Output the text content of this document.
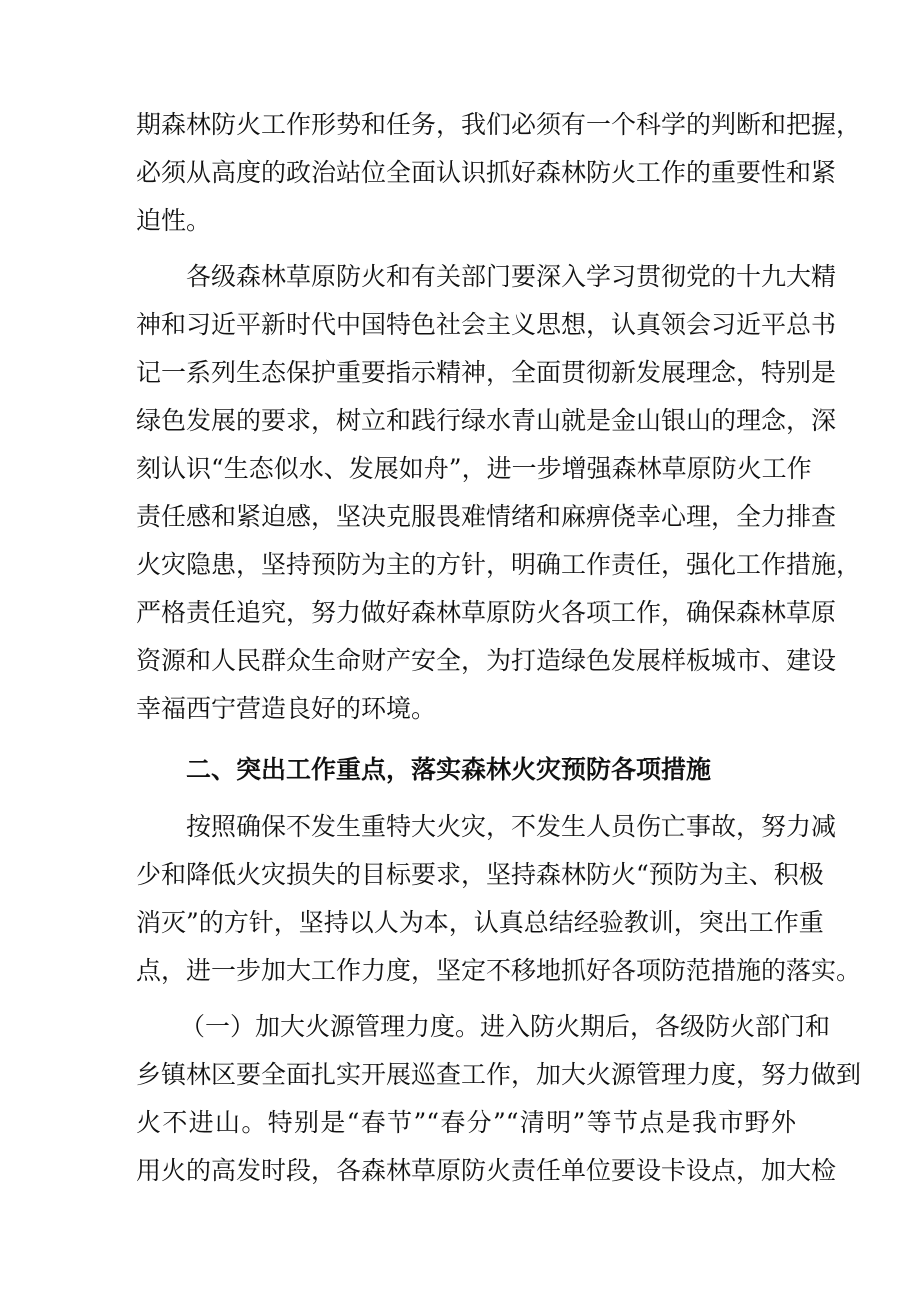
期森林防火工作形势和任务，我们必须有一个科学的判断和把握，
必须从高度的政治站位全面认识抓好森林防火工作的重要性和紧
迫性。
各级森林草原防火和有关部门要深入学习贯彻党的十九大精
神和习近平新时代中国特色社会主义思想，认真领会习近平总书
记一系列生态保护重要指示精神，全面贯彻新发展理念，特别是
绿色发展的要求，树立和践行绿水青山就是金山银山的理念，深
刻认识“生态似水、发展如舟”，进一步增强森林草原防火工作
责任感和紧迫感，坚决克服畏难情绪和麻痹侥幸心理，全力排查
火灾隐患，坚持预防为主的方针，明确工作责任，强化工作措施，
严格责任追究，努力做好森林草原防火各项工作，确保森林草原
资源和人民群众生命财产安全，为打造绿色发展样板城市、建设
幸福西宁营造良好的环境。
二、突出工作重点，落实森林火灾预防各项措施
按照确保不发生重特大火灾，不发生人员伤亡事故，努力减
少和降低火灾损失的目标要求，坚持森林防火“预防为主、积极
消灭”的方针，坚持以人为本，认真总结经验教训，突出工作重
点，进一步加大工作力度，坚定不移地抓好各项防范措施的落实。
（一）加大火源管理力度。进入防火期后，各级防火部门和
乡镇林区要全面扎实开展巡查工作，加大火源管理力度，努力做到
火不进山。特别是“春节”“春分”“清明”等节点是我市野外
用火的高发时段，各森林草原防火责任单位要设卡设点，加大检
